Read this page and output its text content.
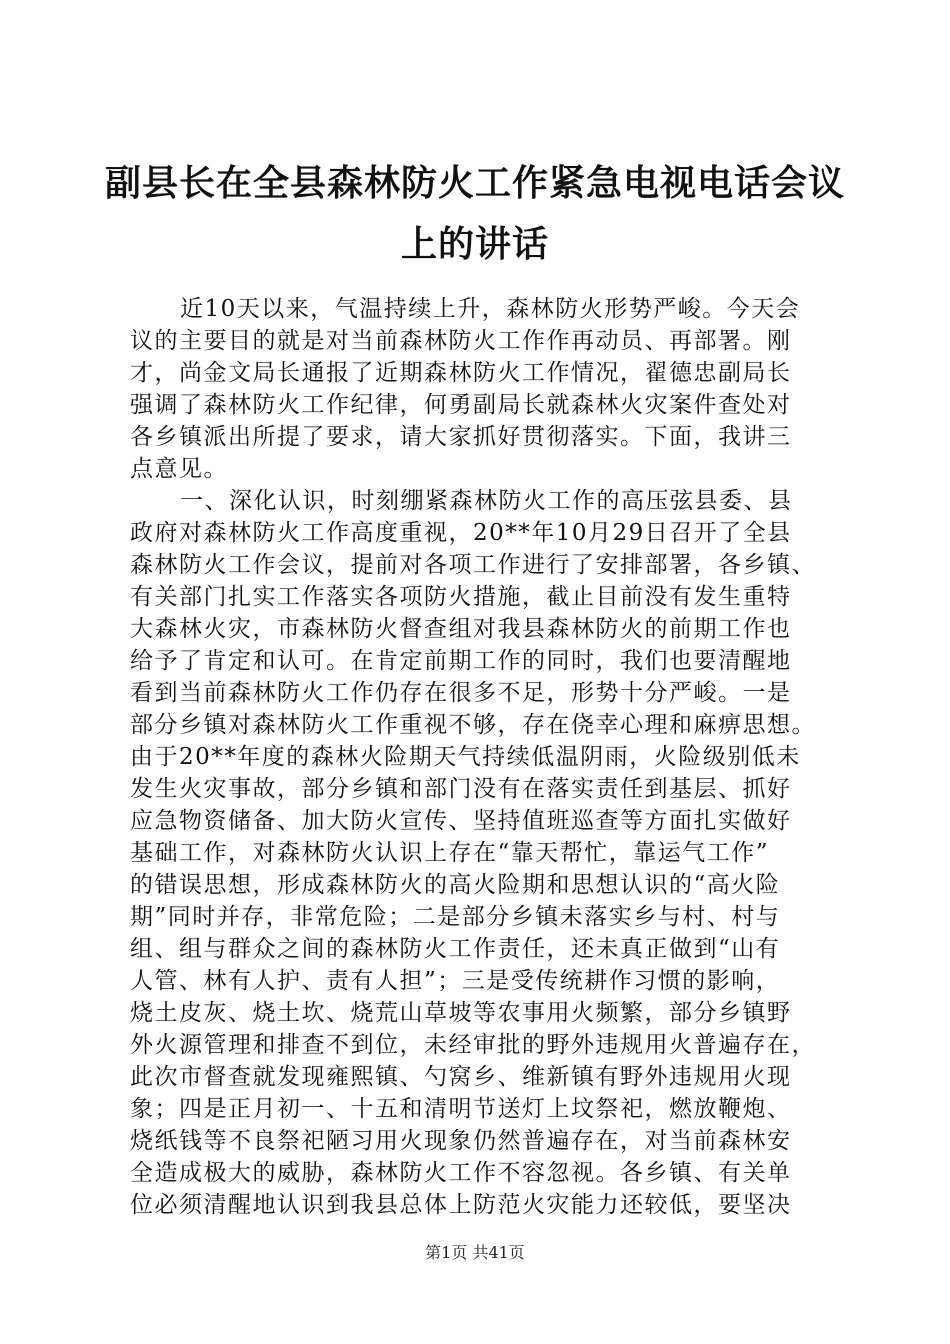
副县长在全县森林防火工作紧急电视电话会议
上的讲话
近10天以来，气温持续上升，森林防火形势严峻。今天会
议的主要目的就是对当前森林防火工作作再动员、再部署。刚
才，尚金文局长通报了近期森林防火工作情况，翟德忠副局长
强调了森林防火工作纪律，何勇副局长就森林火灾案件查处对
各乡镇派出所提了要求，请大家抓好贯彻落实。下面，我讲三
点意见。
一、深化认识，时刻绷紧森林防火工作的高压弦县委、县
政府对森林防火工作高度重视，20**年10月29日召开了全县
森林防火工作会议，提前对各项工作进行了安排部署，各乡镇、
有关部门扎实工作落实各项防火措施，截止目前没有发生重特
大森林火灾，市森林防火督查组对我县森林防火的前期工作也
给予了肯定和认可。在肯定前期工作的同时，我们也要清醒地
看到当前森林防火工作仍存在很多不足，形势十分严峻。一是
部分乡镇对森林防火工作重视不够，存在侥幸心理和麻痹思想。
由于20**年度的森林火险期天气持续低温阴雨，火险级别低未
发生火灾事故，部分乡镇和部门没有在落实责任到基层、抓好
应急物资储备、加大防火宣传、坚持值班巡查等方面扎实做好
基础工作，对森林防火认识上存在“靠天帮忙，靠运气工作”
的错误思想，形成森林防火的高火险期和思想认识的“高火险
期”同时并存，非常危险；二是部分乡镇未落实乡与村、村与
组、组与群众之间的森林防火工作责任，还未真正做到“山有
人管、林有人护、责有人担”；三是受传统耕作习惯的影响，
烧土皮灰、烧土坎、烧荒山草坡等农事用火频繁，部分乡镇野
外火源管理和排查不到位，未经审批的野外违规用火普遍存在，
此次市督查就发现雍熙镇、勺窝乡、维新镇有野外违规用火现
象；四是正月初一、十五和清明节送灯上坟祭祀，燃放鞭炮、
烧纸钱等不良祭祀陋习用火现象仍然普遍存在，对当前森林安
全造成极大的威胁，森林防火工作不容忽视。各乡镇、有关单
位必须清醒地认识到我县总体上防范火灾能力还较低，要坚决
第1页 共41页
